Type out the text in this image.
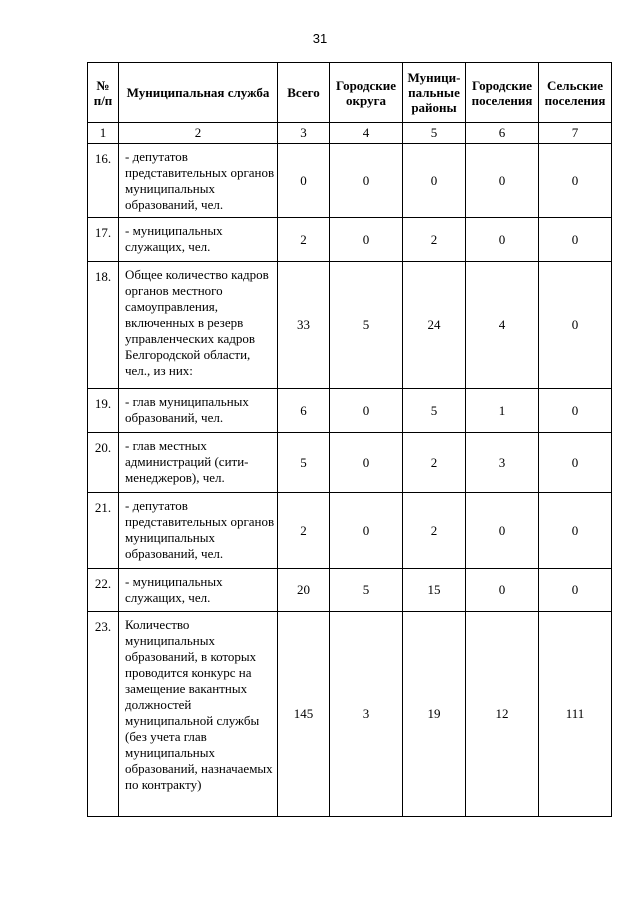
31
№ п/п	Муниципальная служба	Всего	Городские округа	Муници-пальные районы	Городские поселения	Сельские поселения

1	2	3	4	5	6	7
16.	- депутатов представительных органов муниципальных образований, чел.	0	0	0	0	0
17.	- муниципальных служащих, чел.	2	0	2	0	0
18.	Общее количество кадров органов местного самоуправления, включенных в резерв управленческих кадров Белгородской области, чел., из них:	33	5	24	4	0
19.	- глав муниципальных образований, чел.	6	0	5	1	0
20.	- глав местных администраций (сити-менеджеров), чел.	5	0	2	3	0
21.	- депутатов представительных органов муниципальных образований, чел.	2	0	2	0	0
22.	- муниципальных служащих, чел.	20	5	15	0	0
23.	Количество муниципальных образований, в которых проводится конкурс на замещение вакантных должностей муниципальной службы (без учета глав муниципальных образований, назначаемых по контракту)	145	3	19	12	111
